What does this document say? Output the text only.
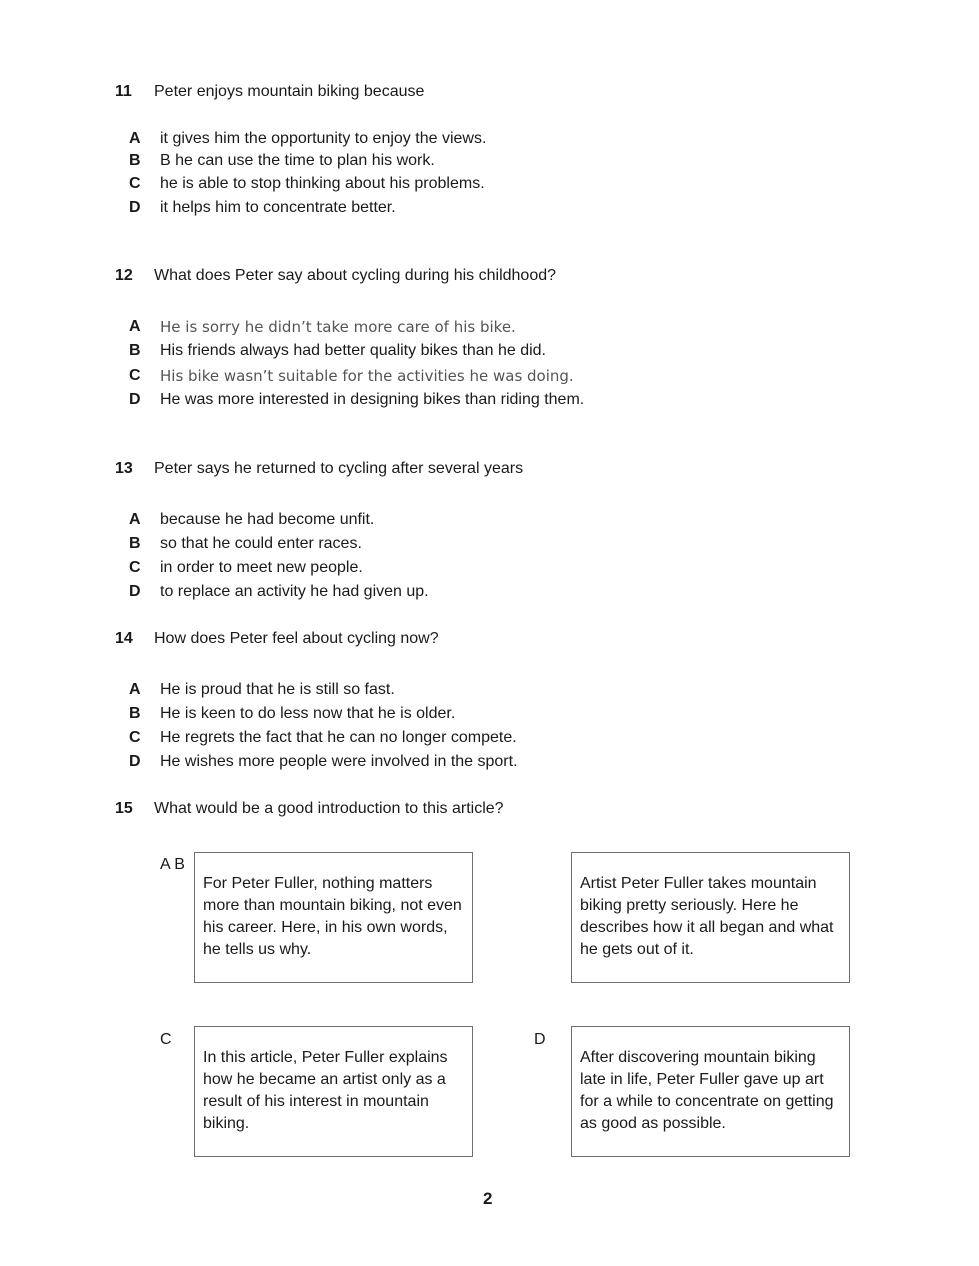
11 Peter enjoys mountain biking because
A it gives him the opportunity to enjoy the views.
B B he can use the time to plan his work.
C he is able to stop thinking about his problems.
D it helps him to concentrate better.
12 What does Peter say about cycling during his childhood?
A He is sorry he didn’t take more care of his bike.
B His friends always had better quality bikes than he did.
C His bike wasn’t suitable for the activities he was doing.
D He was more interested in designing bikes than riding them.
13 Peter says he returned to cycling after several years
A because he had become unfit.
B so that he could enter races.
C in order to meet new people.
D to replace an activity he had given up.
14 How does Peter feel about cycling now?
A He is proud that he is still so fast.
B He is keen to do less now that he is older.
C He regrets the fact that he can no longer compete.
D He wishes more people were involved in the sport.
15 What would be a good introduction to this article?
A B
For Peter Fuller, nothing matters more than mountain biking, not even his career. Here, in his own words, he tells us why.
Artist Peter Fuller takes mountain biking pretty seriously. Here he describes how it all began and what he gets out of it.
C
In this article, Peter Fuller explains how he became an artist only as a result of his interest in mountain biking.
D
After discovering mountain biking late in life, Peter Fuller gave up art for a while to concentrate on getting as good as possible.
2
